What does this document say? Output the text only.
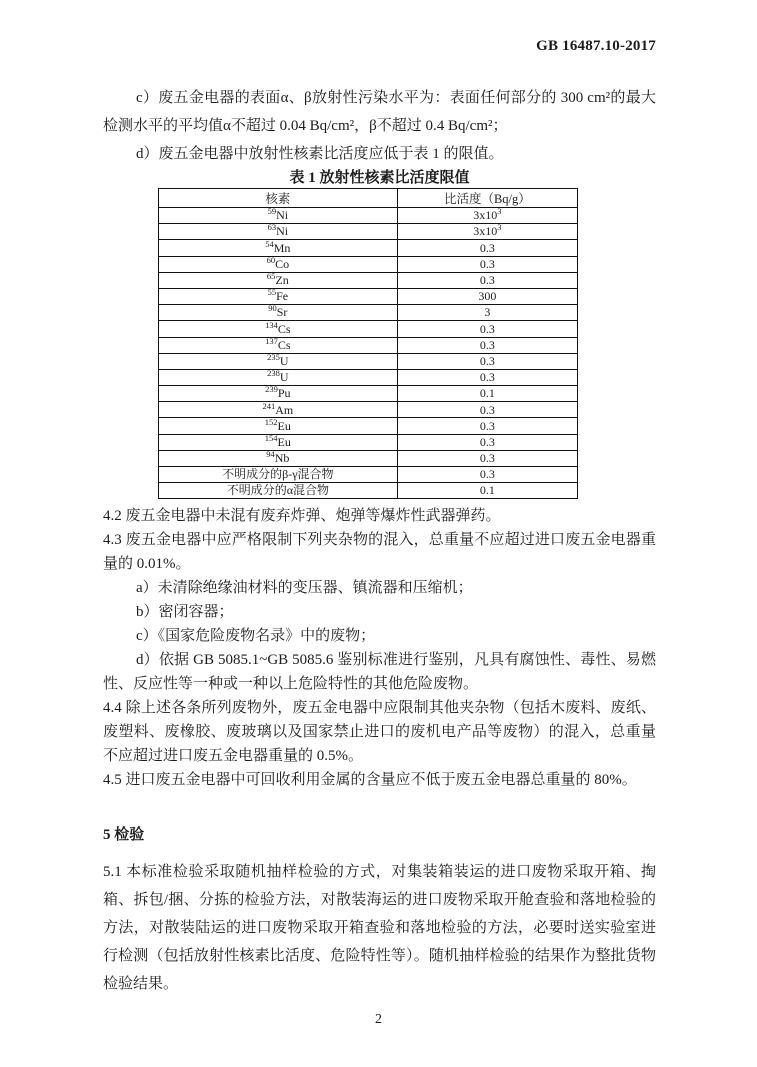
GB 16487.10-2017

c）废五金电器的表面α、β放射性污染水平为：表面任何部分的 300 cm²的最大检测水平的平均值α不超过 0.04 Bq/cm²，β不超过 0.4 Bq/cm²；

d）废五金电器中放射性核素比活度应低于表 1 的限值。

表 1 放射性核素比活度限值
核素	比活度（Bq/g）
$^{59}$Ni	$3x10^3$
$^{63}$Ni	$3x10^3$
$^{54}$Mn	0.3
$^{60}$Co	0.3
$^{65}$Zn	0.3
$^{55}$Fe	300
$^{90}$Sr	3
$^{134}$Cs	0.3
$^{137}$Cs	0.3
$^{235}$U	0.3
$^{238}$U	0.3
$^{239}$Pu	0.1
$^{241}$Am	0.3
$^{152}$Eu	0.3
$^{154}$Eu	0.3
$^{94}$Nb	0.3
不明成分的β-γ混合物	0.3
不明成分的α混合物	0.1

4.2 废五金电器中未混有废弃炸弹、炮弹等爆炸性武器弹药。

4.3 废五金电器中应严格限制下列夹杂物的混入，总重量不应超过进口废五金电器重量的 0.01%。

a）未清除绝缘油材料的变压器、镇流器和压缩机；

b）密闭容器；

c）《国家危险废物名录》中的废物；

d）依据 GB 5085.1~GB 5085.6 鉴别标准进行鉴别，凡具有腐蚀性、毒性、易燃性、反应性等一种或一种以上危险特性的其他危险废物。

4.4 除上述各条所列废物外，废五金电器中应限制其他夹杂物（包括木废料、废纸、废塑料、废橡胶、废玻璃以及国家禁止进口的废机电产品等废物）的混入，总重量不应超过进口废五金电器重量的 0.5%。

4.5 进口废五金电器中可回收利用金属的含量应不低于废五金电器总重量的 80%。

5 检验

5.1 本标准检验采取随机抽样检验的方式，对集装箱装运的进口废物采取开箱、掏箱、拆包/捆、分拣的检验方法，对散装海运的进口废物采取开舱查验和落地检验的方法，对散装陆运的进口废物采取开箱查验和落地检验的方法，必要时送实验室进行检测（包括放射性核素比活度、危险特性等）。随机抽样检验的结果作为整批货物检验结果。

2
